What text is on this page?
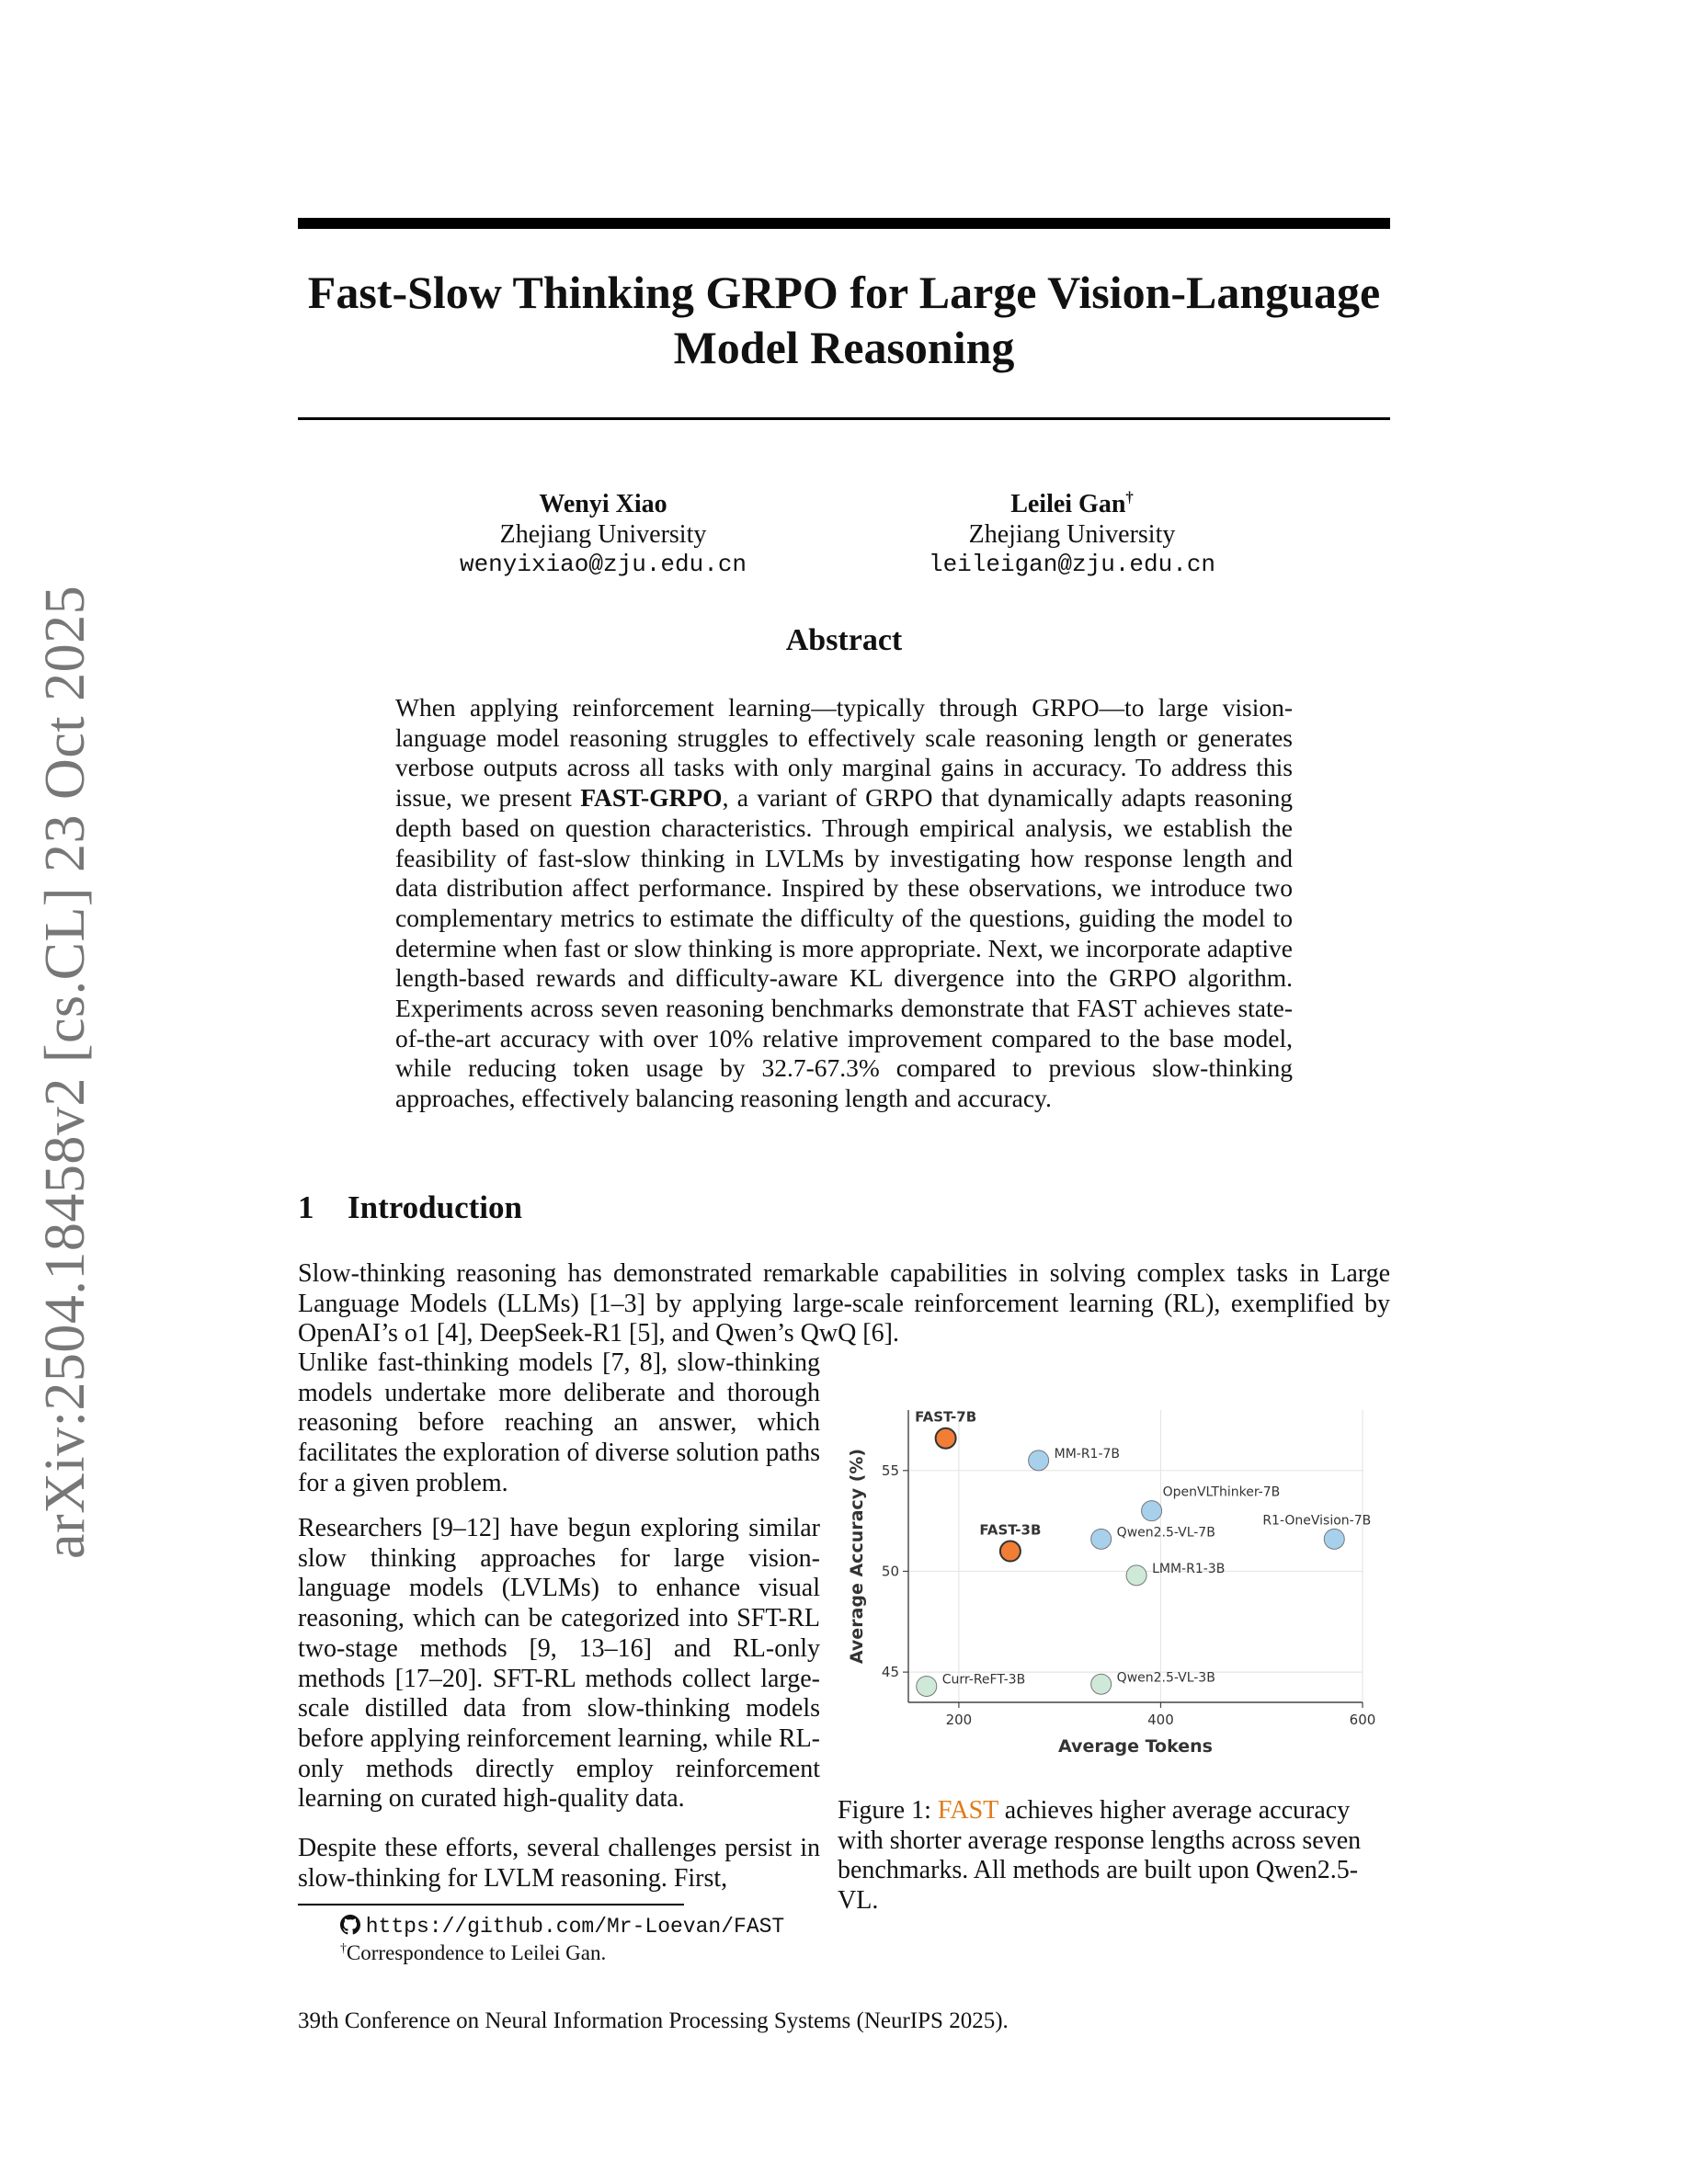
arXiv:2504.18458v2 [cs.CL] 23 Oct 2025
Fast-Slow Thinking GRPO for Large Vision-Language
Model Reasoning
Wenyi Xiao
Zhejiang University
wenyixiao@zju.edu.cn
Leilei Gan†
Zhejiang University
leileigan@zju.edu.cn
Abstract
When applying reinforcement learning—typically through GRPO—to large vision-language model reasoning struggles to effectively scale reasoning length or generates verbose outputs across all tasks with only marginal gains in accuracy. To address this issue, we present FAST-GRPO, a variant of GRPO that dynamically adapts reasoning depth based on question characteristics. Through empirical analysis, we establish the feasibility of fast-slow thinking in LVLMs by investigating how response length and data distribution affect performance. Inspired by these observations, we introduce two complementary metrics to estimate the difficulty of the questions, guiding the model to determine when fast or slow thinking is more appropriate. Next, we incorporate adaptive length-based rewards and difficulty-aware KL divergence into the GRPO algorithm. Experiments across seven reasoning benchmarks demonstrate that FAST achieves state-of-the-art accuracy with over 10% relative improvement compared to the base model, while reducing token usage by 32.7-67.3% compared to previous slow-thinking approaches, effectively balancing reasoning length and accuracy.
1 Introduction
Slow-thinking reasoning has demonstrated remarkable capabilities in solving complex tasks in Large Language Models (LLMs) [1–3] by applying large-scale reinforcement learning (RL), exemplified by OpenAI’s o1 [4], DeepSeek-R1 [5], and Qwen’s QwQ [6].
Unlike fast-thinking models [7, 8], slow-thinking models undertake more deliberate and thorough reasoning before reaching an answer, which facilitates the exploration of diverse solution paths for a given problem.
Researchers [9–12] have begun exploring similar slow thinking approaches for large vision-language models (LVLMs) to enhance visual reasoning, which can be categorized into SFT-RL two-stage methods [9, 13–16] and RL-only methods [17–20]. SFT-RL methods collect large-scale distilled data from slow-thinking models before applying reinforcement learning, while RL-only methods directly employ reinforcement learning on curated high-quality data.
Despite these efforts, several challenges persist in slow-thinking for LVLM reasoning. First,
200	400	600
45
50
55
Average Tokens
Average Accuracy (%)
FAST-7B
FAST-3B
MM-R1-7B
OpenVLThinker-7B
R1-OneVision-7B
Qwen2.5-VL-7B
LMM-R1-3B
Curr-ReFT-3B	Qwen2.5-VL-3B
Figure 1: FAST achieves higher average accuracy with shorter average response lengths across seven benchmarks. All methods are built upon Qwen2.5-VL.
https://github.com/Mr-Loevan/FAST
†Correspondence to Leilei Gan.
39th Conference on Neural Information Processing Systems (NeurIPS 2025).
